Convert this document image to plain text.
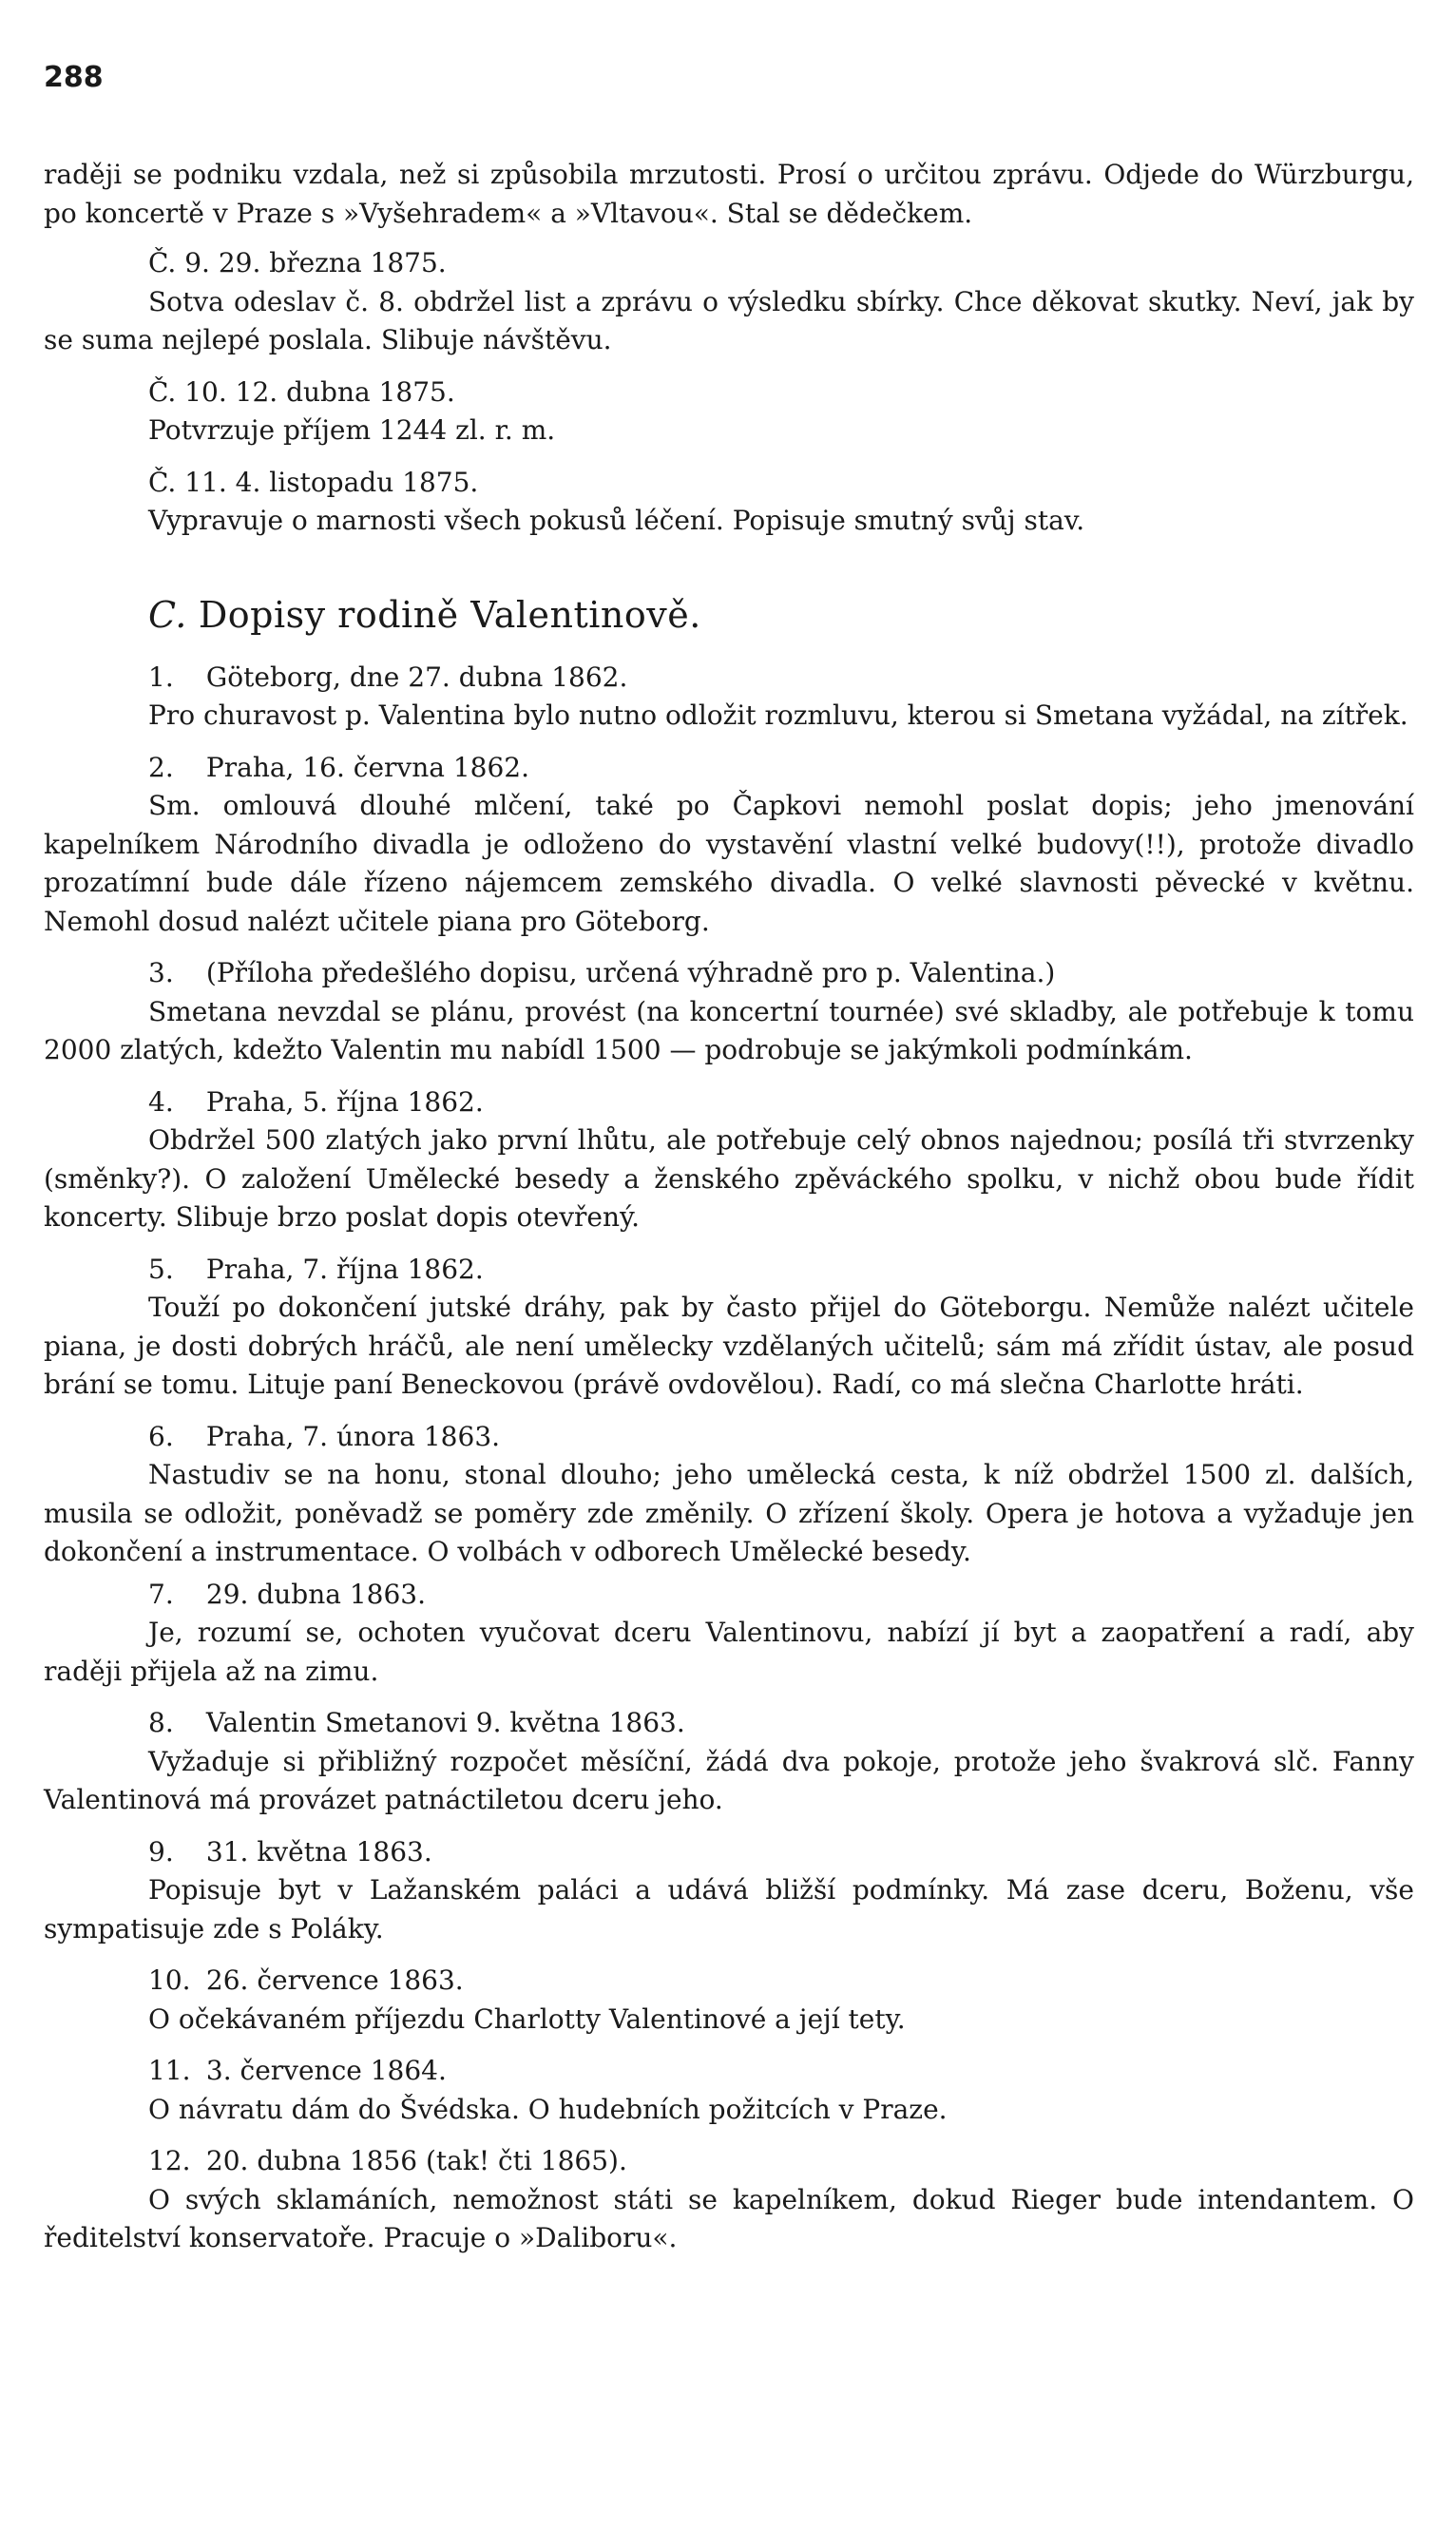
288

raději se podniku vzdala, než si způsobila mrzutosti. Prosí o určitou zprávu. Odjede do Würzburgu, po koncertě v Praze s »Vyšehradem« a »Vltavou«. Stal se dědečkem.

Č. 9. 29. března 1875.

Sotva odeslav č. 8. obdržel list a zprávu o výsledku sbírky. Chce děkovat skutky. Neví, jak by se suma nejlepé poslala. Slibuje návštěvu.

Č. 10. 12. dubna 1875.

Potvrzuje příjem 1244 zl. r. m.

Č. 11. 4. listopadu 1875.

Vypravuje o marnosti všech pokusů léčení. Popisuje smutný svůj stav.

C. Dopisy rodině Valentinově.
1. Göteborg, dne 27. dubna 1862.

Pro churavost p. Valentina bylo nutno odložit rozmluvu, kterou si Smetana vyžádal, na zítřek.

2. Praha, 16. června 1862.

Sm. omlouvá dlouhé mlčení, také po Čapkovi nemohl poslat dopis; jeho jmenování kapelníkem Národního divadla je odloženo do vystavění vlastní velké budovy(!!), protože divadlo prozatímní bude dále řízeno nájemcem zemského divadla. O velké slavnosti pěvecké v květnu. Nemohl dosud nalézt učitele piana pro Göteborg.

3. (Příloha předešlého dopisu, určená výhradně pro p. Valentina.)

Smetana nevzdal se plánu, provést (na koncertní tournée) své skladby, ale potřebuje k tomu 2000 zlatých, kdežto Valentin mu nabídl 1500 — podrobuje se jakýmkoli podmínkám.

4. Praha, 5. října 1862.

Obdržel 500 zlatých jako první lhůtu, ale potřebuje celý obnos najednou; posílá tři stvrzenky (směnky?). O založení Umělecké besedy a ženského zpěváckého spolku, v nichž obou bude řídit koncerty. Slibuje brzo poslat dopis otevřený.

5. Praha, 7. října 1862.

Touží po dokončení jutské dráhy, pak by často přijel do Göteborgu. Nemůže nalézt učitele piana, je dosti dobrých hráčů, ale není umělecky vzdělaných učitelů; sám má zřídit ústav, ale posud brání se tomu. Lituje paní Beneckovou (právě ovdovělou). Radí, co má slečna Charlotte hráti.

6. Praha, 7. února 1863.

Nastudiv se na honu, stonal dlouho; jeho umělecká cesta, k níž obdržel 1500 zl. dalších, musila se odložit, poněvadž se poměry zde změnily. O zřízení školy. Opera je hotova a vyžaduje jen dokončení a instrumentace. O volbách v odborech Umělecké besedy.

7. 29. dubna 1863.

Je, rozumí se, ochoten vyučovat dceru Valentinovu, nabízí jí byt a zaopatření a radí, aby raději přijela až na zimu.

8. Valentin Smetanovi 9. května 1863.

Vyžaduje si přibližný rozpočet měsíční, žádá dva pokoje, protože jeho švakrová slč. Fanny Valentinová má provázet patnáctiletou dceru jeho.

9. 31. května 1863.

Popisuje byt v Lažanském paláci a udává bližší podmínky. Má zase dceru, Boženu, vše sympatisuje zde s Poláky.

10. 26. července 1863.

O očekávaném příjezdu Charlotty Valentinové a její tety.

11. 3. července 1864.

O návratu dám do Švédska. O hudebních požitcích v Praze.

12. 20. dubna 1856 (tak! čti 1865).

O svých sklamáních, nemožnost státi se kapelníkem, dokud Rieger bude intendantem. O ředitelství konservatoře. Pracuje o »Daliboru«.
